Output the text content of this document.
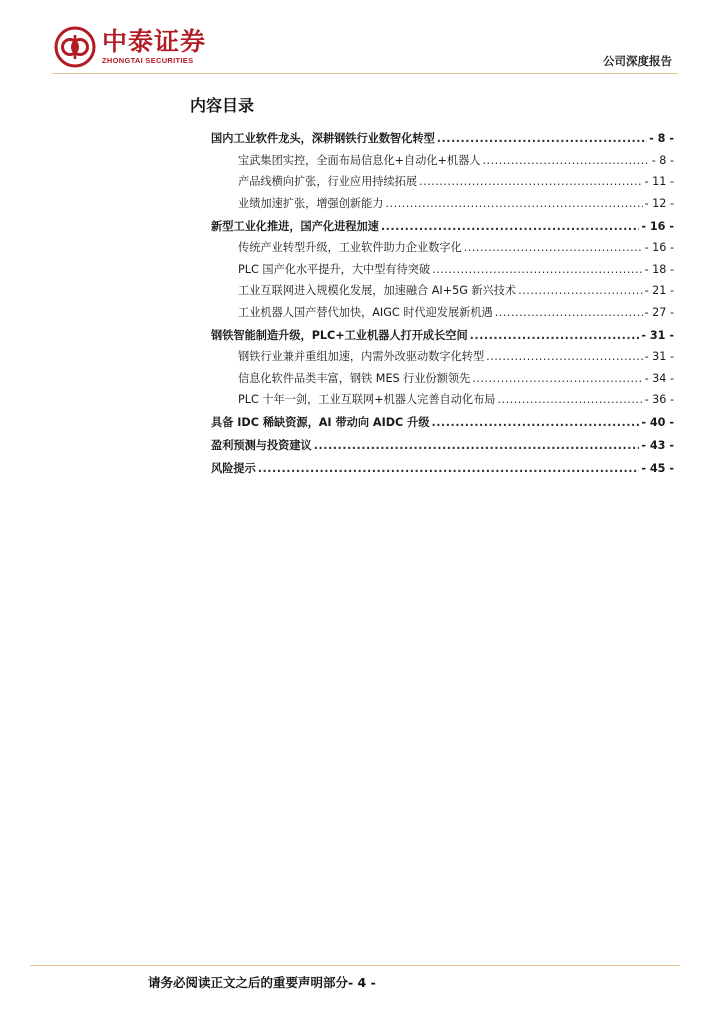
中泰证券
ZHONGTAI SECURITIES	公司深度报告
内容目录
国内工业软件龙头，深耕钢铁行业数智化转型 .....	- 8 -
宝武集团实控，全面布局信息化+自动化+机器人 .....	- 8 -
产品线横向扩张，行业应用持续拓展 .....	- 11 -
业绩加速扩张，增强创新能力 .....	- 12 -
新型工业化推进，国产化进程加速 .....	- 16 -
传统产业转型升级，工业软件助力企业数字化 .....	- 16 -
PLC 国产化水平提升，大中型有待突破 .....	- 18 -
工业互联网进入规模化发展，加速融合 AI+5G 新兴技术 .....	- 21 -
工业机器人国产替代加快，AIGC 时代迎发展新机遇 .....	- 27 -
钢铁智能制造升级，PLC+工业机器人打开成长空间 .....	- 31 -
钢铁行业兼并重组加速，内需外改驱动数字化转型 .....	- 31 -
信息化软件品类丰富，钢铁 MES 行业份额领先 .....	- 34 -
PLC 十年一剑，工业互联网+机器人完善自动化布局 .....	- 36 -
具备 IDC 稀缺资源，AI 带动向 AIDC 升级 .....	- 40 -
盈利预测与投资建议 .....	- 43 -
风险提示 .....	- 45 -
请务必阅读正文之后的重要声明部分- 4 -
